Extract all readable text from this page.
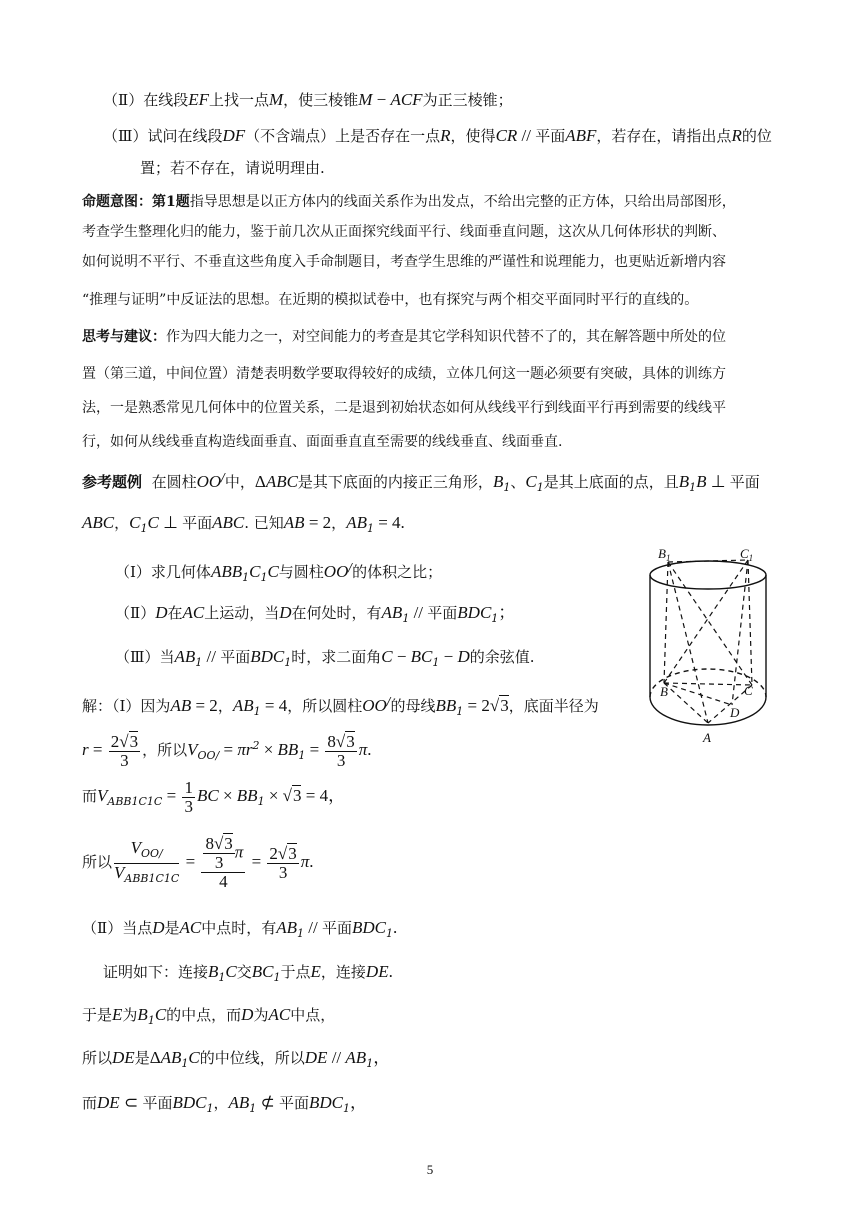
（Ⅱ）在线段EF上找一点M，使三棱锥M − ACF为正三棱锥；
（Ⅲ）试问在线段DF（不含端点）上是否存在一点R，使得CR // 平面ABF，若存在，请指出点R的位
置；若不存在，请说明理由.
命题意图：第1题指导思想是以正方体内的线面关系作为出发点，不给出完整的正方体，只给出局部图形，
考查学生整理化归的能力，鉴于前几次从正面探究线面平行、线面垂直问题，这次从几何体形状的判断、
如何说明不平行、不垂直这些角度入手命制题目，考查学生思维的严谨性和说理能力，也更贴近新增内容
“推理与证明”中反证法的思想。在近期的模拟试卷中，也有探究与两个相交平面同时平行的直线的。
思考与建议：作为四大能力之一，对空间能力的考查是其它学科知识代替不了的，其在解答题中所处的位
置（第三道，中间位置）清楚表明数学要取得较好的成绩，立体几何这一题必须要有突破，具体的训练方
法，一是熟悉常见几何体中的位置关系，二是退到初始状态如何从线线平行到线面平行再到需要的线线平
行，如何从线线垂直构造线面垂直、面面垂直直至需要的线线垂直、线面垂直.
参考题例 在圆柱OO/中，ΔABC是其下底面的内接正三角形，$B_1$、$C_1$是其上底面的点，且$B_1B$ ⊥ 平面
ABC，$C_1C$ ⊥ 平面ABC. 已知AB = 2，$AB_1 = 4$.
（Ⅰ）求几何体$ABB_1C_1C$与圆柱OO/的体积之比；
（Ⅱ）D在AC上运动，当D在何处时，有$AB_1$ // 平面$BDC_1$；
（Ⅲ）当$AB_1$ // 平面$BDC_1$时，求二面角$C - BC_1 - D$的余弦值.
解：（Ⅰ）因为AB = 2，$AB_1 = 4$，所以圆柱OO/的母线$BB_1 = 2√3$，底面半径为
$r = \frac{2√3}{3}$ ，所以$V_{OO/} = \pi r^2 \times BB_1 = \frac{8√3}{3} \pi$.
而$V_{ABB1C1C} = \frac{1}{3}$ BC × $BB_1 \times √3 = 4$，
所以 $\frac{V_{OO/}}{V_{ABB1C1C}} = \frac{\frac{8√3}{3} \pi}{4} = \frac{2√3}{3} \pi$.
（Ⅱ）当点D是AC中点时，有$AB_1$ // 平面$BDC_1$.
证明如下：连接$B_1C$交$BC_1$于点E，连接DE.
于是E为$B_1C$的中点，而D为AC中点，
所以DE是$\Delta AB_1C$的中位线，所以DE // $AB_1$，
而DE ⊂ 平面$BDC_1$，$AB_1$ ⊄ 平面$BDC_1$，
$B_1$	$C_1$
B	C
D
A
5
